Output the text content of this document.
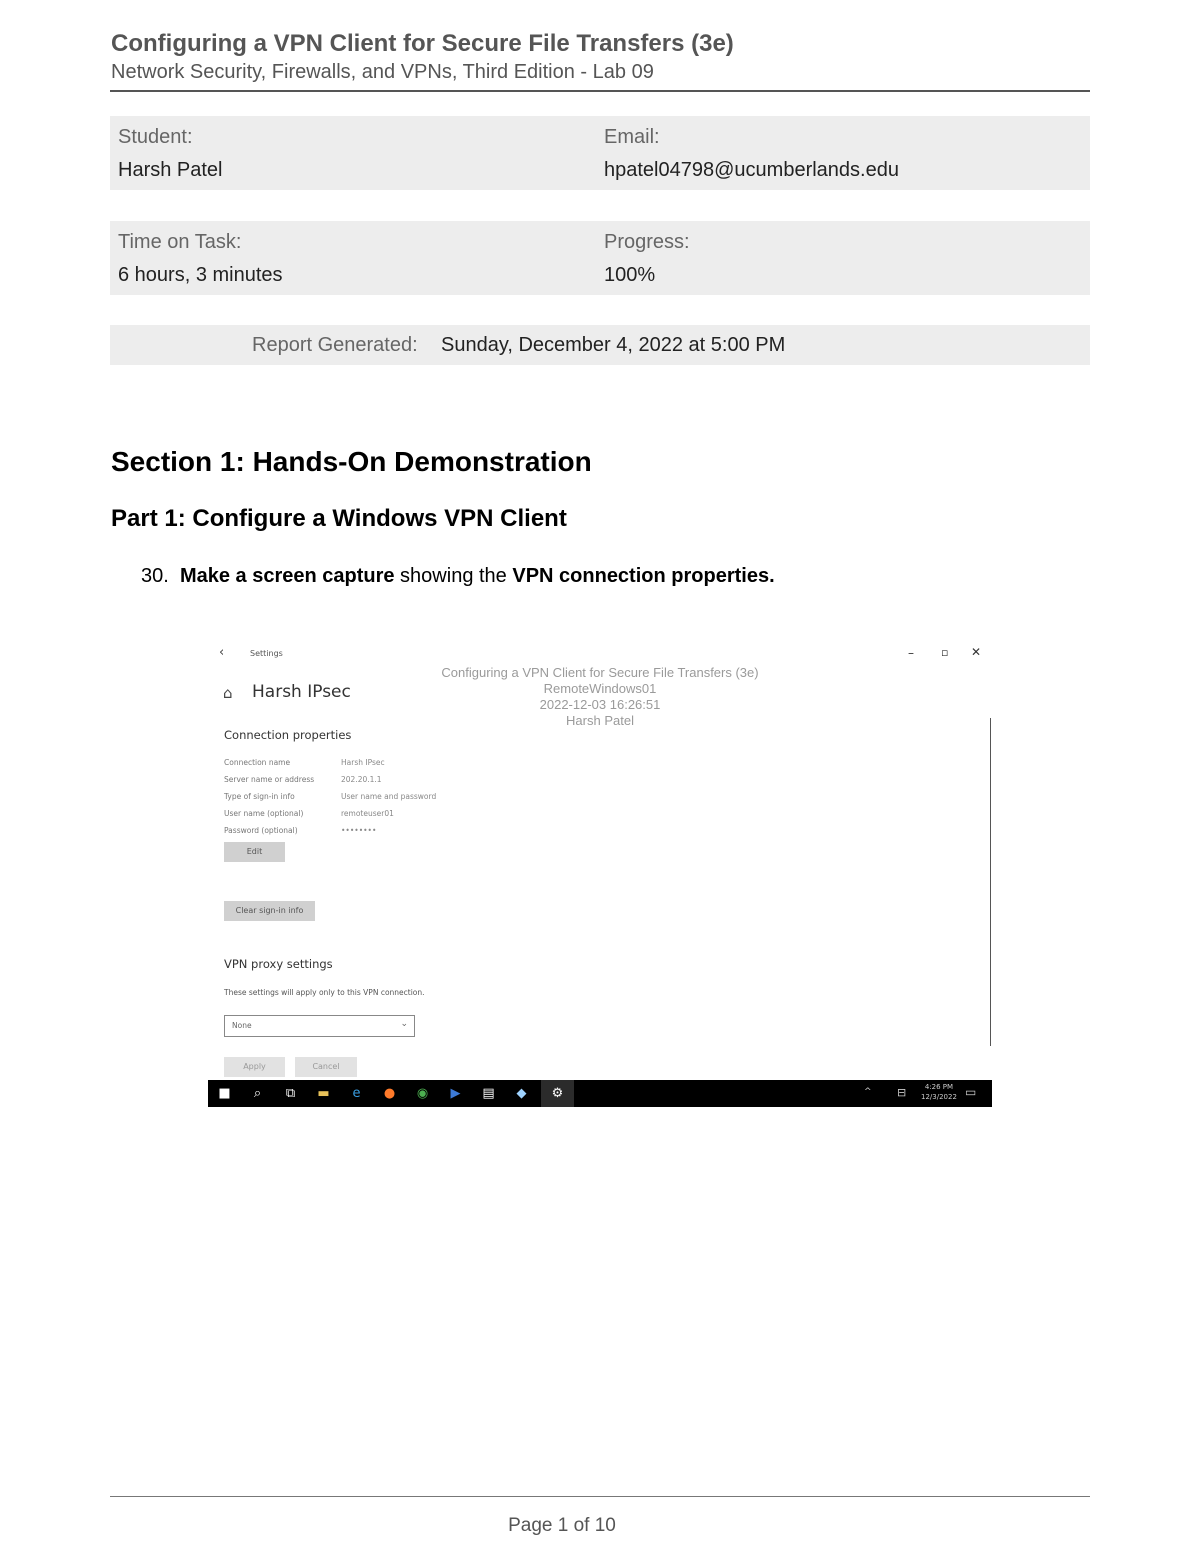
Configuring a VPN Client for Secure File Transfers (3e)
Network Security, Firewalls, and VPNs, Third Edition - Lab 09
Student:
Harsh Patel
Email:
hpatel04798@ucumberlands.edu
Time on Task:
6 hours, 3 minutes
Progress:
100%
Report Generated: Sunday, December 4, 2022 at 5:00 PM
Section 1: Hands-On Demonstration
Part 1: Configure a Windows VPN Client
30. Make a screen capture showing the VPN connection properties.
‹	Settings	– ▫ ✕
⌂ Harsh IPsec
Configuring a VPN Client for Secure File Transfers (3e)
RemoteWindows01
2022-12-03 16:26:51
Harsh Patel
Connection properties
Connection name	Harsh IPsec
Server name or address	202.20.1.1
Type of sign-in info	User name and password
User name (optional)	remoteuser01
Password (optional)	••••••••
Edit
Clear sign-in info
VPN proxy settings
These settings will apply only to this VPN connection.
None	⌄
Apply	Cancel
■	⌕	⧉	▬	e	●	◉	▶	▤	◆	⚙	^ ⊟	4:26 PM
12/3/2022 ▭
Page 1 of 10
